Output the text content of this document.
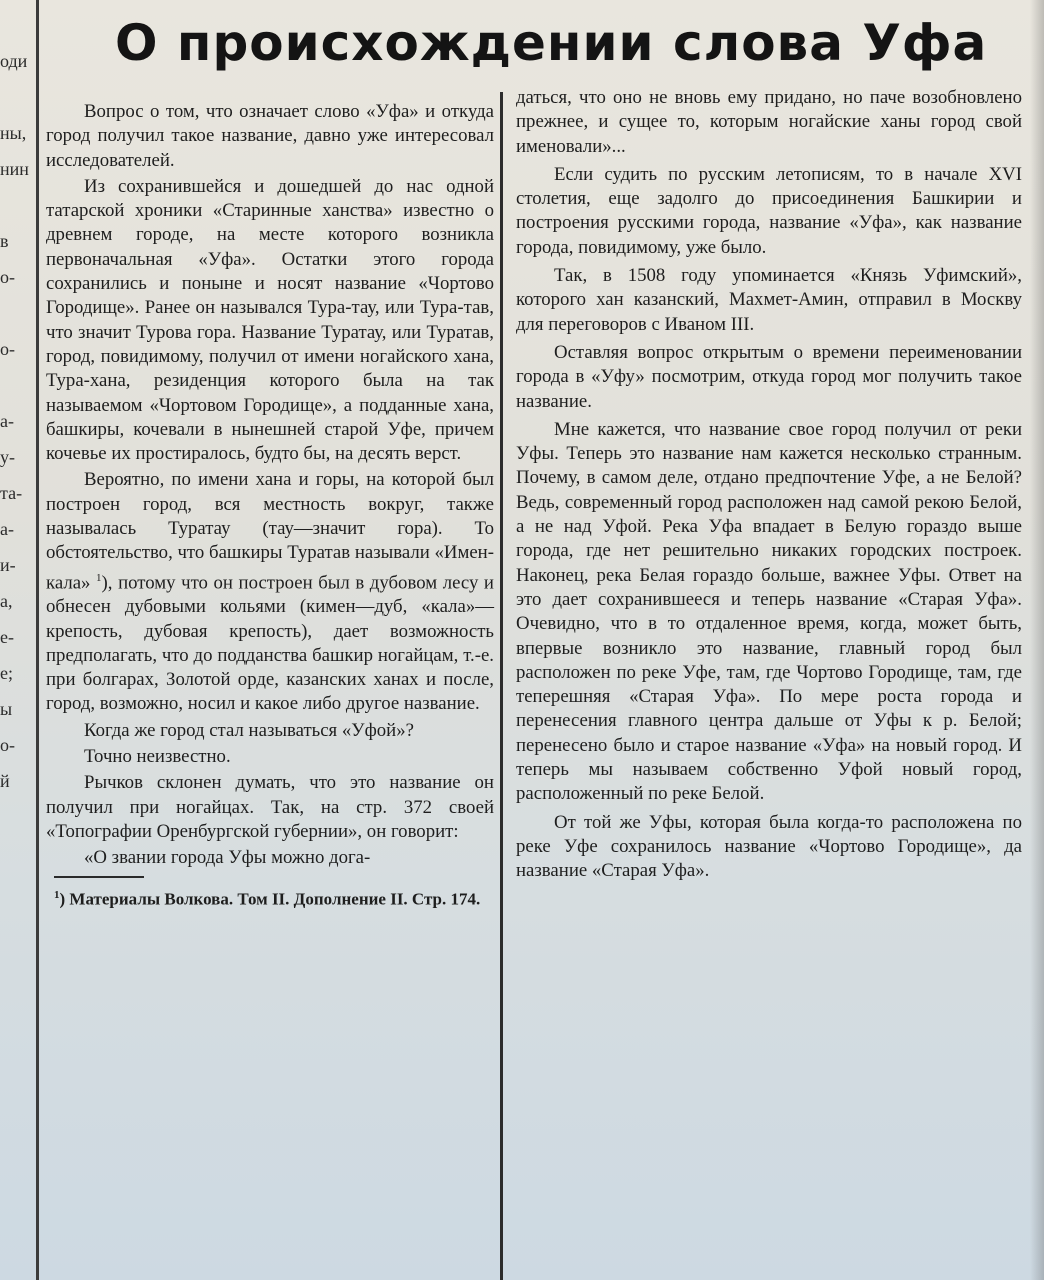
оди

ны,
нин

в
о-

о-

а-
у-
та-
а-
и-
а,
е-
е;
ы
о-
й

О происхождении слова Уфа

Вопрос о том, что означает слово «Уфа» и откуда город получил такое название, давно уже интересовал исследователей.

Из сохранившейся и дошедшей до нас одной татарской хроники «Старинные ханства» известно о древнем городе, на месте которого возникла первоначальная «Уфа». Остатки этого города сохранились и поныне и носят название «Чортово Городище». Ранее он назывался Тура-тау, или Тура-тав, что значит Турова гора. Название Туратау, или Туратав, город, повидимому, получил от имени ногайского хана, Тура-хана, резиденция которого была на так называемом «Чортовом Городище», а подданные хана, башкиры, кочевали в нынешней старой Уфе, причем кочевье их простиралось, будто бы, на десять верст.

Вероятно, по имени хана и горы, на которой был построен город, вся местность вокруг, также называлась Туратау (тау—значит гора). То обстоятельство, что башкиры Туратав называли «Имен-кала» $^1$), потому что он построен был в дубовом лесу и обнесен дубовыми кольями (кимен—дуб, «кала»—крепость, дубовая крепость), дает возможность предполагать, что до подданства башкир ногайцам, т.-е. при болгарах, Золотой орде, казанских ханах и после, город, возможно, носил и какое либо другое название.

Когда же город стал называться «Уфой»?

Точно неизвестно.

Рычков склонен думать, что это название он получил при ногайцах. Так, на стр. 372 своей «Топографии Оренбургской губернии», он говорит:

«О звании города Уфы можно дога-

$^1$) Материалы Волкова. Том II. Дополнение II. Стр. 174.

даться, что оно не вновь ему придано, но паче возобновлено прежнее, и сущее то, которым ногайские ханы город свой именовали»...

Если судить по русским летописям, то в начале XVI столетия, еще задолго до присоединения Башкирии и построения русскими города, название «Уфа», как название города, повидимому, уже было.

Так, в 1508 году упоминается «Князь Уфимский», которого хан казанский, Махмет-Амин, отправил в Москву для переговоров с Иваном III.

Оставляя вопрос открытым о времени переименовании города в «Уфу» посмотрим, откуда город мог получить такое название.

Мне кажется, что название свое город получил от реки Уфы. Теперь это название нам кажется несколько странным. Почему, в самом деле, отдано предпочтение Уфе, а не Белой? Ведь, современный город расположен над самой рекою Белой, а не над Уфой. Река Уфа впадает в Белую гораздо выше города, где нет решительно никаких городских построек. Наконец, река Белая гораздо больше, важнее Уфы. Ответ на это дает сохранившееся и теперь название «Старая Уфа». Очевидно, что в то отдаленное время, когда, может быть, впервые возникло это название, главный город был расположен по реке Уфе, там, где Чортово Городище, там, где теперешняя «Старая Уфа». По мере роста города и перенесения главного центра дальше от Уфы к р. Белой; перенесено было и старое название «Уфа» на новый город. И теперь мы называем собственно Уфой новый город, расположенный по реке Белой.

От той же Уфы, которая была когда-то расположена по реке Уфе сохранилось название «Чортово Городище», да название «Старая Уфа».
